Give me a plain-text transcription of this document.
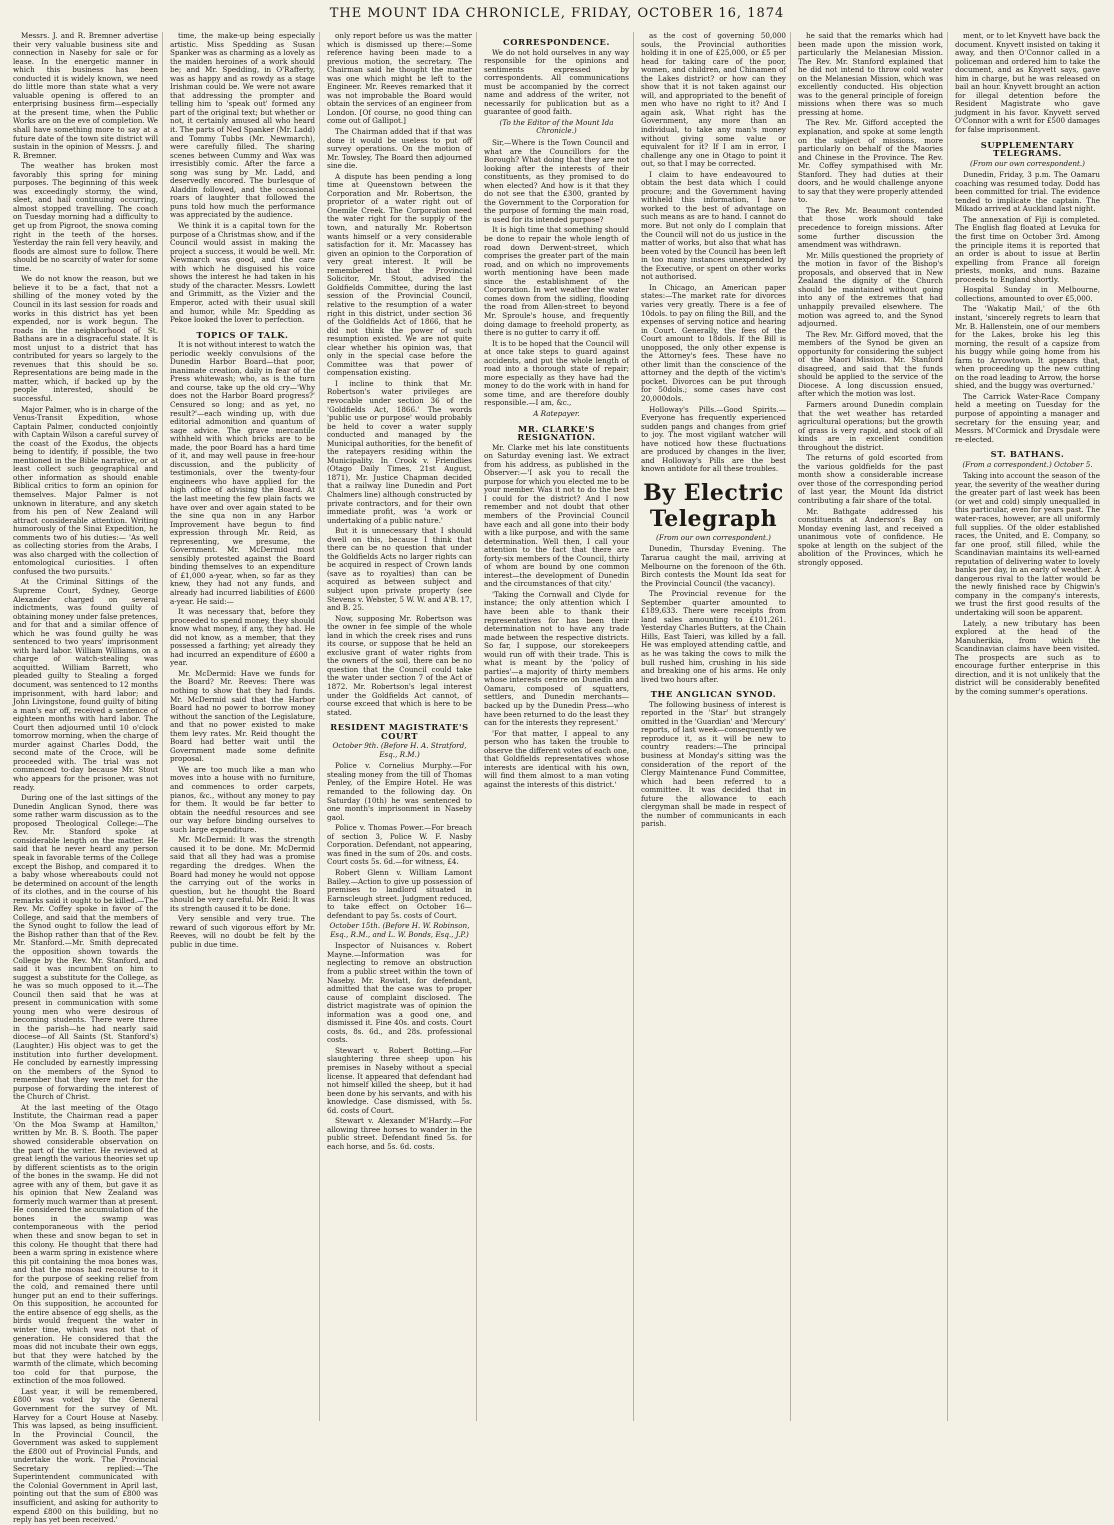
THE MOUNT IDA CHRONICLE, FRIDAY, OCTOBER 16, 1874

Messrs. J. and R. Bremner advertise their very valuable business site and connection in Naseby for sale or for lease. In the energetic manner in which this business has been conducted it is widely known, we need do little more than state what a very valuable opening is offered to an enterprising business firm—especially at the present time, when the Public Works are on the eve of completion. We shall have something more to say at a future date of the town site district will sustain in the opinion of Messrs. J. and R. Bremner.

The weather has broken most favorably this spring for mining purposes. The beginning of this week was exceedingly stormy, the wind, sleet, and hail continuing occurring, almost stopped travelling. The coach on Tuesday morning had a difficulty to get up from Pigroot, the snowa coming right in the teeth of the horses. Yesterday the rain fell very heavily, and floods are almost sure to follow. There should be no scarcity of water for some time.

We do not know the reason, but we believe it to be a fact, that not a shilling of the money voted by the Council in its last session for roads and works in this district has yet been expended, nor is work begun. The roads in the neighborhood of St. Bathans are in a disgraceful state. It is most unjust to a district that has contributed for years so largely to the revenues that this should be so. Representations are being made in the matter, which, if backed up by the people interested, should be successful.

Major Palmer, who is in charge of the Venus-Transit Expedition, whose Captain Palmer, conducted conjointly with Captain Wilson a careful survey of the coast of the Exodus, the objects being to identify, if possible, the two mentioned in the Bible narrative, or at least collect such geographical and other information as should enable Biblical critics to form an opinion for themselves. Major Palmer is not unknown in literature, and any sketch from his pen of New Zealand will attract considerable attention. Writing humorously of the Sinai Expedition, he comments two of his duties:— 'As well as collecting stories from the Arabs, I was also charged with the collection of entomological curiosities. I often confused the two pursuits.'

At the Criminal Sittings of the Supreme Court, Sydney, George Alexander charged on several indictments, was found guilty of obtaining money under false pretences, and for that and a similar offence of which he was found guilty he was sentenced to two years' imprisonment with hard labor. William Williams, on a charge of watch-stealing was acquitted. William Barrett, who pleaded guilty to Stealing a forged document, was sentenced to 12 months imprisonment, with hard labor; and John Livingstone, found guilty of biting a man's ear off, received a sentence of eighteen months with hard labor. The Court then adjourned until 10 o'clock tomorrow morning, when the charge of murder against Charles Dodd, the second mate of the Croce, will be proceeded with. The trial was not commenced to-day because Mr. Stout who appears for the prisoner, was not ready.

During one of the last sittings of the Dunedin Anglican Synod, there was some rather warm discussion as to the proposed Theological College:—The Rev. Mr. Stanford spoke at considerable length on the matter. He said that he never heard any person speak in favorable terms of the College except the Bishop, and compared it to a baby whose whereabouts could not be determined on account of the length of its clothes, and in the course of his remarks said it ought to be killed.—The Rev. Mr. Coffey spoke in favor of the College, and said that the members of the Synod ought to follow the lead of the Bishop rather than that of the Rev. Mr. Stanford.—Mr. Smith deprecated the opposition shown towards the College by the Rev. Mr. Stanford, and said it was incumbent on him to suggest a substitute for the College, as he was so much opposed to it.—The Council then said that he was at present in communication with some young men who were desirous of becoming students. There were three in the parish—he had nearly said diocese—of All Saints (St. Stanford's) (Laughter.) His object was to get the institution into further development. He concluded by earnestly impressing on the members of the Synod to remember that they were met for the purpose of forwarding the interest of the Church of Christ.

At the last meeting of the Otago Institute, the Chairman read a paper 'On the Moa Swamp at Hamilton,' written by Mr. B. S. Booth. The paper showed considerable observation on the part of the writer. He reviewed at great length the various theories set up by different scientists as to the origin of the bones in the swamp. He did not agree with any of them, but gave it as his opinion that New Zealand was formerly much warmer than at present. He considered the accumulation of the bones in the swamp was contemporaneous with the period when these and snow began to set in this colony. He thought that there had been a warm spring in existence where this pit containing the moa bones was, and that the moas had recourse to it for the purpose of seeking relief from the cold, and remained there until hunger put an end to their sufferings. On this supposition, he accounted for the entire absence of egg shells, as the birds would frequent the water in winter time, which was not that of generation. He considered that the moas did not incubate their own eggs, but that they were hatched by the warmth of the climate, which becoming too cold for that purpose, the extinction of the moa followed.

Last year, it will be remembered, £800 was voted by the General Government for the survey of Mt. Harvey for a Court House at Naseby. This was lapsed, as being insufficient. In the Provincial Council, the Government was asked to supplement the £800 out of Provincial Funds, and undertake the work. The Provincial Secretary replied:—'The Superintendent communicated with the Colonial Government in April last, pointing out that the sum of £800 was insufficient, and asking for authority to expend £800 on this building, but no reply has yet been received.'

time, the make-up being especially artistic. Miss Spedding as Susan Spanker was as charming as a lovely as the maiden heroines of a work should be; and Mr. Spedding, in O'Rafferty, was as happy and as rowdy as a stage Irishman could be. We were not aware that addressing the prompter and telling him to 'speak out' formed any part of the original text; but whether or not, it certainly amused all who heard it. The parts of Ned Spanker (Mr. Ladd) and Tommy Tubbs (Mr. Newmarch), were carefully filled. The sharing scenes between Cummy and Wax was irresistibly comic. After the farce a song was sung by Mr. Ladd, and deservedly encored. The burlesque of Aladdin followed, and the occasional roars of laughter that followed the puns told how much the performance was appreciated by the audience.

We think it is a capital town for the purpose of a Christmas show, and if the Council would assist in making the project a success, it would be well. Mr. Newmarch was good, and the care with which he disguised his voice shows the interest he had taken in his study of the character. Messrs. Lowlett and Grimmitt, as the Vizier and the Emperor, acted with their usual skill and humor, while Mr. Spedding as Pekoe looked the lover to perfection.

TOPICS OF TALK.

It is not without interest to watch the periodic weekly convulsions of the Dunedin Harbor Board—that poor, inanimate creation, daily in fear of the Press whitewash; who, as is the turn and course, take up the old cry—'Why does not the Harbor Board progress?' Censured so long; and as yet, no result?'—each winding up, with due editorial admonition and quantum of sage advice. The grave mercantile withheld with which bricks are to be made, the poor Board has a hard time of it, and may well pause in free-hour discussion, and the publicity of testimonials, over the twenty-four engineers who have applied for the high office of advising the Board. At the last meeting the few plain facts we have over and over again stated to be the sine qua non in any Harbor Improvement have begun to find expression through Mr. Reid, as representing, we presume, the Government. Mr. McDermid most sensibly protested against the Board binding themselves to an expenditure of £1,000 a-year, when, so far as they knew, they had not any funds, and already had incurred liabilities of £600 a-year. He said:—

It was necessary that, before they proceeded to spend money, they should know what money, if any, they had. He did not know, as a member, that they possessed a farthing; yet already they had incurred an expenditure of £600 a year.

Mr. McDermid: Have we funds for the Board? Mr. Reeves: There was nothing to show that they had funds. Mr. McDermid said that the Harbor Board had no power to borrow money without the sanction of the Legislature, and that no power existed to make them levy rates. Mr. Reid thought the Board had better wait until the Government made some definite proposal.

We are too much like a man who moves into a house with no furniture, and commences to order carpets, pianos, &c., without any money to pay for them. It would be far better to obtain the needful resources and see our way before binding ourselves to such large expenditure.

Mr. McDermid: It was the strength caused it to be done. Mr. McDermid said that all they had was a promise regarding the dredges. When the Board had money he would not oppose the carrying out of the works in question, but he thought the Board should be very careful. Mr. Reid: It was its strength caused it to be done.

Very sensible and very true. The reward of such vigorous effort by Mr. Reeves, will no doubt be felt by the public in due time.

only report before us was the matter which is dismissed up there:—Some reference having been made to a previous motion, the secretary. The Chairman said he thought the matter was one which might be left to the Engineer. Mr. Reeves remarked that it was not improbable the Board would obtain the services of an engineer from London. [Of course, no good thing can come out of Gallipot.]

The Chairman added that if that was done it would be useless to put off survey operations. On the motion of Mr. Towsley, The Board then adjourned sine die.

A dispute has been pending a long time at Queenstown between the Corporation and Mr. Robertson, the proprietor of a water right out of Onemile Creek. The Corporation need the water right for the supply of the town, and naturally Mr. Robertson wants himself or a very considerable satisfaction for it. Mr. Macassey has given an opinion to the Corporation of very great interest. It will be remembered that the Provincial Solicitor, Mr. Stout, advised the Goldfields Committee, during the last session of the Provincial Council, relative to the resumption of a water right in this district, under section 36 of the Goldfields Act of 1866, that he did not think the power of such resumption existed. We are not quite clear whether his opinion was, that only in the special case before the Committee was that power of compensation existing.

I incline to think that Mr. Robertson's water privileges are revocable under section 36 of the 'Goldfields Act, 1866.' The words 'public use or purpose' would probably be held to cover a water supply conducted and managed by the Municipal authorities, for the benefit of the ratepayers residing within the Municipality. In Crook v. Friendlies (Otago Daily Times, 21st August, 1871), Mr. Justice Chapman decided that a railway line Dunedin and Port Chalmers line) although constructed by private contractors, and for their own immediate profit, was 'a work or undertaking of a public nature.'

But it is unnecessary that I should dwell on this, because I think that there can be no question that under the Goldfields Acts no larger rights can be acquired in respect of Crown lands (save as to royalties) than can be acquired as between subject and subject upon private property (see Stevens v. Webster, 5 W. W. and A'B. 17, and B. 25.

Now, supposing Mr. Robertson was the owner in fee simple of the whole land in which the creek rises and runs its course, or suppose that he held an exclusive grant of water rights from the owners of the soil, there can be no question that the Council could take the water under section 7 of the Act of 1872. Mr. Robertson's legal interest under the Goldfields Act cannot, of course exceed that which is here to be stated.

RESIDENT MAGISTRATE'S COURT
October 9th. (Before H. A. Stratford, Esq., R.M.)

Police v. Cornelius Murphy.—For stealing money from the till of Thomas Penley, of the Empire Hotel. He was remanded to the following day. On Saturday (10th) he was sentenced to one month's imprisonment in Naseby gaol.

Police v. Thomas Power.—For breach of section 3, Police W. F. Nasby Corporation. Defendant, not appearing, was fined in the sum of 20s. and costs. Court costs 5s. 6d.—for witness, £4.

Robert Glenn v. William Lamont Bailey.—Action to give up possession of premises to landlord situated in Earnscleugh street. Judgment reduced, to take effect on October 16—defendant to pay 5s. costs of Court.

October 15th. (Before H. W. Robinson, Esq., R.M., and L. W. Bonds, Esq., J.P.)

Inspector of Nuisances v. Robert Mayne.—Information was for neglecting to remove an obstruction from a public street within the town of Naseby. Mr. Rowlatt, for defendant, admitted that the case was to proper cause of complaint disclosed. The district magistrate was of opinion the information was a good one, and dismissed it. Fine 40s. and costs. Court costs, 8s. 6d., and 28s. professional costs.

Stewart v. Robert Botting.—For slaughtering three sheep upon his premises in Naseby without a special license. It appeared that defendant had not himself killed the sheep, but it had been done by his servants, and with his knowledge. Case dismissed, with 5s. 6d. costs of Court.

Stewart v. Alexander M'Hardy.—For allowing three horses to wander in the public street. Defendant fined 5s. for each horse, and 5s. 6d. costs.

CORRESPONDENCE.

We do not hold ourselves in any way responsible for the opinions and sentiments expressed by correspondents. All communications must be accompanied by the correct name and address of the writer, not necessarily for publication but as a guarantee of good faith.

(To the Editor of the Mount Ida Chronicle.)

Sir,—Where is the Town Council and what are the Councillors for the Borough? What doing that they are not looking after the interests of their constituents, as they promised to do when elected? And how is it that they do not see that the £300, granted by the Government to the Corporation for the purpose of forming the main road, is used for its intended purpose?

It is high time that something should be done to repair the whole length of road down Derwent-street, which comprises the greater part of the main road, and on which no improvements worth mentioning have been made since the establishment of the Corporation. In wet weather the water comes down from the sidling, flooding the road from Allen-street to beyond Mr. Sproule's house, and frequently doing damage to freehold property, as there is no gutter to carry it off.

It is to be hoped that the Council will at once take steps to guard against accidents, and put the whole length of road into a thorough state of repair; more especially as they have had the money to do the work with in hand for some time, and are therefore doubly responsible.—I am, &c.,

A Ratepayer.
MR. CLARKE'S RESIGNATION.

Mr. Clarke met his late constituents on Saturday evening last. We extract from his address, as published in the Observer:—'I ask you to recall the purpose for which you elected me to be your member. Was it not to do the best I could for the district? And I now remember and not doubt that other members of the Provincial Council have each and all gone into their body with a like purpose, and with the same determination. Well then, I call your attention to the fact that there are forty-six members of the Council, thirty of whom are bound by one common interest—the development of Dunedin and the circumstances of that city.'

'Taking the Cornwall and Clyde for instance; the only attention which I have been able to thank their representatives for has been their determination not to have any trade made between the respective districts. So far, I suppose, our storekeepers would run off with their trade. This is what is meant by the 'policy of parties'—a majority of thirty members whose interests centre on Dunedin and Oamaru, composed of squatters, settlers, and Dunedin merchants—backed up by the Dunedin Press—who have been returned to do the least they can for the interests they represent.'

'For that matter, I appeal to any person who has taken the trouble to observe the different votes of each one, that Goldfields representatives whose interests are identical with his own, will find them almost to a man voting against the interests of this district.'

as the cost of governing 50,000 souls, the Provincial authorities holding it in one of £25,000, or £5 per head for taking care of the poor, women, and children, and Chinamen of the Lakes district? or how can they show that it is not taken against our will, and appropriated to the benefit of men who have no right to it? And I again ask, What right has the Government, any more than an individual, to take any man's money without giving some value or equivalent for it? If I am in error, I challenge any one in Otago to point it out, so that I may be corrected.

I claim to have endeavoured to obtain the best data which I could procure; and the Government having withheld this information, I have worked to the best of advantage on such means as are to hand. I cannot do more. But not only do I complain that the Council will not do us justice in the matter of works, but also that what has been voted by the Council has been left in too many instances unexpended by the Executive, or spent on other works not authorised.

In Chicago, an American paper states:—The market rate for divorces varies very greatly. There is a fee of 10dols. to pay on filing the Bill, and the expenses of serving notice and hearing in Court. Generally, the fees of the Court amount to 18dols. If the Bill is unopposed, the only other expense is the Attorney's fees. These have no other limit than the conscience of the attorney and the depth of the victim's pocket. Divorces can be put through for 50dols.; some cases have cost 20,000dols.

Holloway's Pills.—Good Spirits.—Everyone has frequently experienced sudden pangs and changes from grief to joy. The most vigilant watcher will have noticed how these fluctuations are produced by changes in the liver, and Holloway's Pills are the best known antidote for all these troubles.

By Electric Telegraph
(From our own correspondent.)

Dunedin, Thursday Evening. The Tararua caught the mail, arriving at Melbourne on the forenoon of the 6th. Birch contests the Mount Ida seat for the Provincial Council (the vacancy).

The Provincial revenue for the September quarter amounted to £189,633. There were receipts from land sales amounting to £101,261. Yesterday Charles Butters, at the Chain Hills, East Taieri, was killed by a fall. He was employed attending cattle, and as he was taking the cows to milk the bull rushed him, crushing in his side and breaking one of his arms. He only lived two hours after.

THE ANGLICAN SYNOD.

The following business of interest is reported in the 'Star' but strangely omitted in the 'Guardian' and 'Mercury' reports, of last week—consequently we reproduce it, as it will be new to country readers:—The principal business at Monday's sitting was the consideration of the report of the Clergy Maintenance Fund Committee, which had been referred to a committee. It was decided that in future the allowance to each clergyman shall be made in respect of the number of communicants in each parish.

he said that the remarks which had been made upon the mission work, particularly the Melanesian Mission. The Rev. Mr. Stanford explained that he did not intend to throw cold water on the Melanesian Mission, which was excellently conducted. His objection was to the general principle of foreign missions when there was so much pressing at home.

The Rev. Mr. Gifford accepted the explanation, and spoke at some length on the subject of missions, more particularly on behalf of the Maories and Chinese in the Province. The Rev. Mr. Coffey sympathised with Mr. Stanford. They had duties at their doors, and he would challenge anyone to say that they were properly attended to.

The Rev. Mr. Beaumont contended that those work should take precedence to foreign missions. After some further discussion the amendment was withdrawn.

Mr. Mills questioned the propriety of the motion in favor of the Bishop's proposals, and observed that in New Zealand the dignity of the Church should be maintained without going into any of the extremes that had unhappily prevailed elsewhere. The motion was agreed to, and the Synod adjourned.

The Rev. Mr. Gifford moved, that the members of the Synod be given an opportunity for considering the subject of the Maori Mission. Mr. Stanford disagreed, and said that the funds should be applied to the service of the Diocese. A long discussion ensued, after which the motion was lost.

Farmers around Dunedin complain that the wet weather has retarded agricultural operations; but the growth of grass is very rapid, and stock of all kinds are in excellent condition throughout the district.

The returns of gold escorted from the various goldfields for the past month show a considerable increase over those of the corresponding period of last year, the Mount Ida district contributing a fair share of the total.

Mr. Bathgate addressed his constituents at Anderson's Bay on Monday evening last, and received a unanimous vote of confidence. He spoke at length on the subject of the abolition of the Provinces, which he strongly opposed.

ment, or to let Knyvett have back the document. Knyvett insisted on taking it away, and then O'Connor called in a policeman and ordered him to take the document, and as Knyvett says, gave him in charge, but he was released on bail an hour. Knyvett brought an action for illegal detention before the Resident Magistrate who gave judgment in his favor. Knyvett served O'Connor with a writ for £500 damages for false imprisonment.

SUPPLEMENTARY TELEGRAMS.
(From our own correspondent.)

Dunedin, Friday, 3 p.m. The Oamaru coaching was resumed today. Dodd has been committed for trial. The evidence tended to implicate the captain. The Mikado arrived at Auckland last night.

The annexation of Fiji is completed. The English flag floated at Levuka for the first time on October 3rd. Among the principle items it is reported that an order is about to issue at Berlin expelling from France all foreign priests, monks, and nuns. Bazaine proceeds to England shortly.

Hospital Sunday in Melbourne, collections, amounted to over £5,000.

The 'Wakatip Mail,' of the 6th instant, 'sincerely regrets to learn that Mr. B. Hallenstein, one of our members for the Lakes, broke his leg this morning, the result of a capsize from his buggy while going home from his farm to Arrowtown. It appears that, when proceeding up the new cutting on the road leading to Arrow, the horse shied, and the buggy was overturned.'

The Carrick Water-Race Company held a meeting on Tuesday for the purpose of appointing a manager and secretary for the ensuing year, and Messrs. M'Cormick and Drysdale were re-elected.

ST. BATHANS.
(From a correspondent.) October 5.

Taking into account the season of the year, the severity of the weather during the greater part of last week has been (or wet and cold) simply unequalled in this particular, even for years past. The water-races, however, are all uniformly full supplies. Of the older established races, the United, and E. Company, so far one proof, still filled, while the Scandinavian maintains its well-earned reputation of delivering water to lovely banks per day, in an early of weather. A dangerous rival to the latter would be the newly finished race by Chigwin's company in the company's interests, we trust the first good results of the undertaking will soon be apparent.

Lately, a new tributary has been explored at the head of the Manuherikia, from which the Scandinavian claims have been visited. The prospects are such as to encourage further enterprise in this direction, and it is not unlikely that the district will be considerably benefited by the coming summer's operations.
